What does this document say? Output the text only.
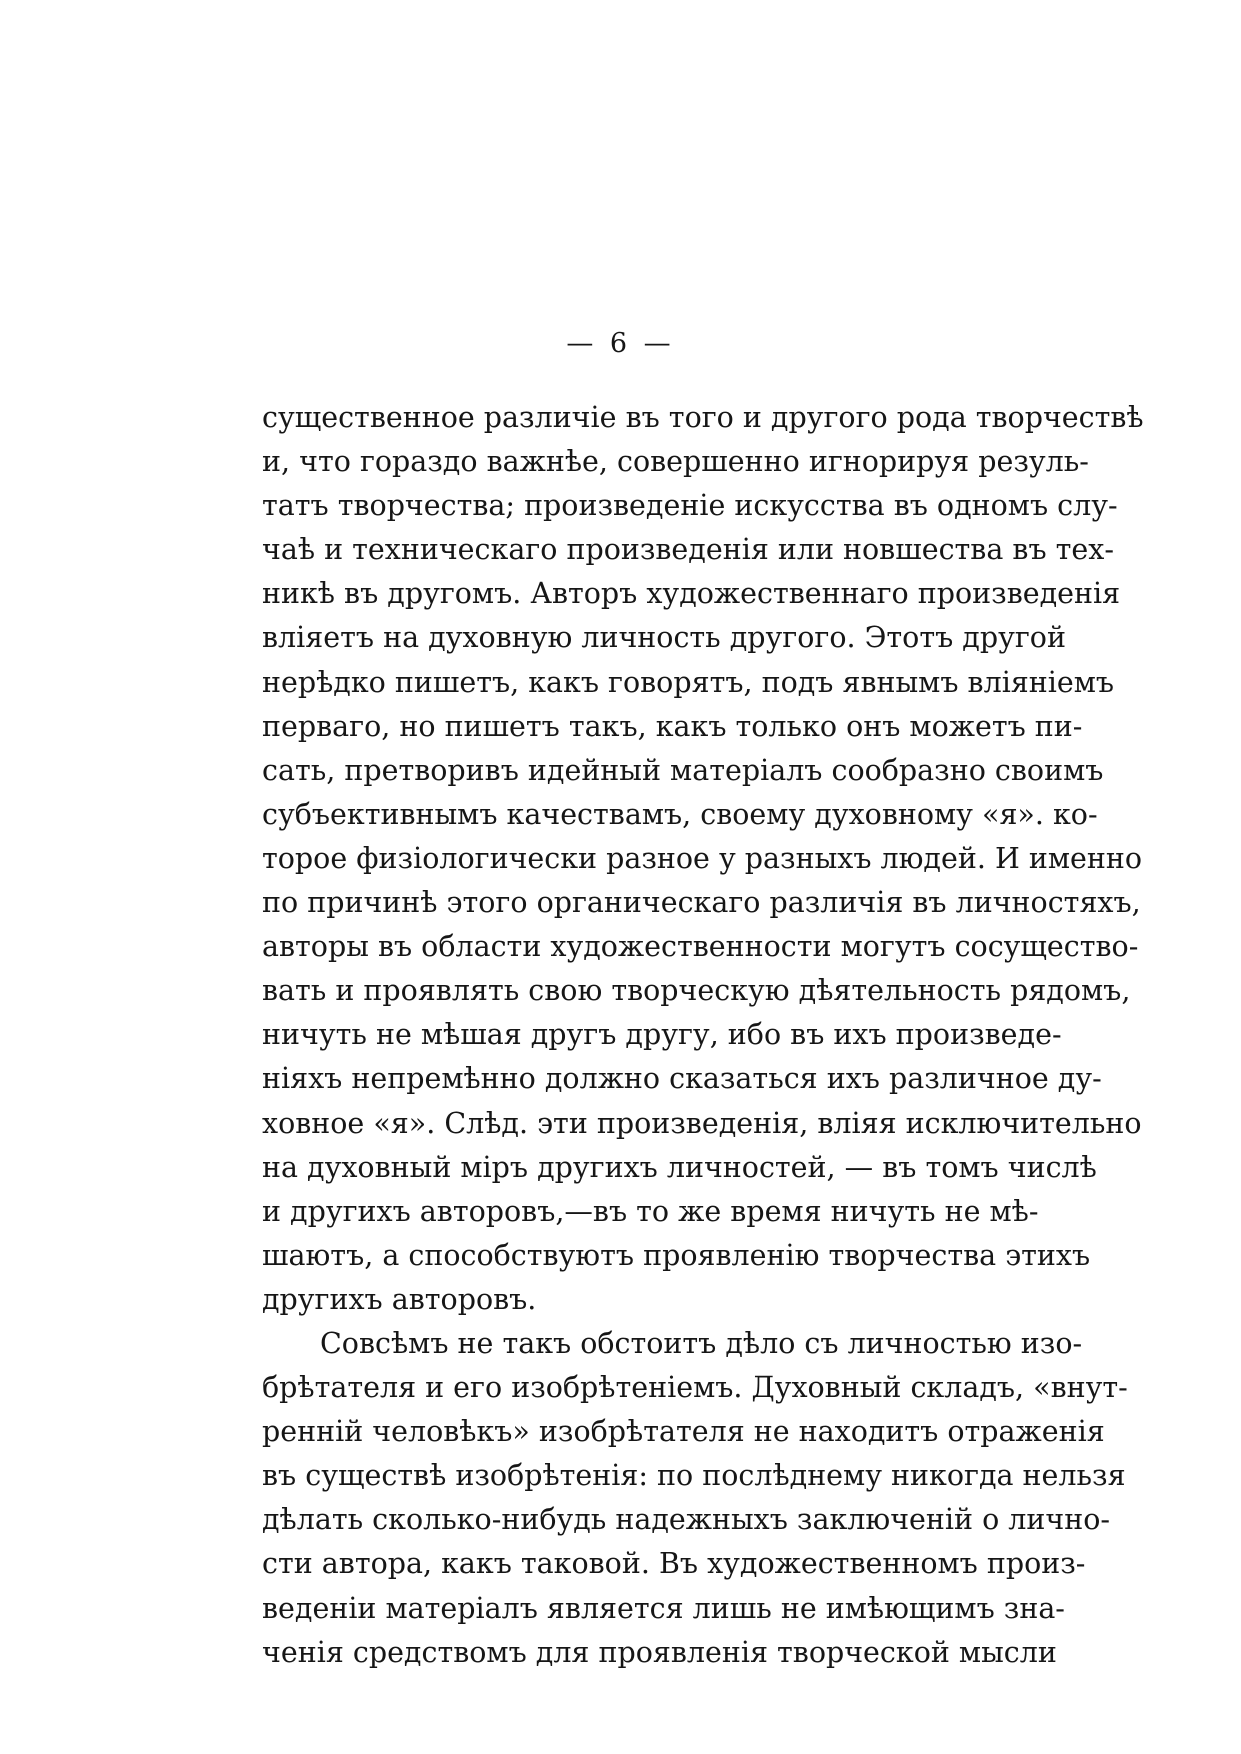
— 6 —
существенное различіе въ того и другого рода творчествѣ
и, что гораздо важнѣе, совершенно игнорируя резуль-
татъ творчества; произведеніе искусства въ одномъ слу-
чаѣ и техническаго произведенія или новшества въ тех-
никѣ въ другомъ. Авторъ художественнаго произведенія
вліяетъ на духовную личность другого. Этотъ другой
нерѣдко пишетъ, какъ говорятъ, подъ явнымъ вліяніемъ
перваго, но пишетъ такъ, какъ только онъ можетъ пи-
сать, претворивъ идейный матеріалъ сообразно своимъ
субъективнымъ качествамъ, своему духовному «я». ко-
торое физіологически разное у разныхъ людей. И именно
по причинѣ этого органическаго различія въ личностяхъ,
авторы въ области художественности могутъ сосуществo-
вать и проявлять свою творческую дѣятельность рядомъ,
ничуть не мѣшая другъ другу, ибо въ ихъ произведе-
ніяхъ непремѣнно должно сказаться ихъ различное ду-
ховное «я». Слѣд. эти произведенія, вліяя исключительно
на духовный міръ другихъ личностей, — въ томъ числѣ
и другихъ авторовъ,—въ то же время ничуть не мѣ-
шаютъ, а способствуютъ проявленію творчества этихъ
другихъ авторовъ.
Совсѣмъ не такъ обстоитъ дѣло съ личностью изо-
брѣтателя и его изобрѣтеніемъ. Духовный складъ, «внут-
ренній человѣкъ» изобрѣтателя не находитъ отраженія
въ существѣ изобрѣтенія: по послѣднему никогда нельзя
дѣлать сколько-нибудь надежныхъ заключеній о лично-
сти автора, какъ таковой. Въ художественномъ произ-
веденіи матеріалъ является лишь не имѣющимъ зна-
ченія средствомъ для проявленія творческой мысли
